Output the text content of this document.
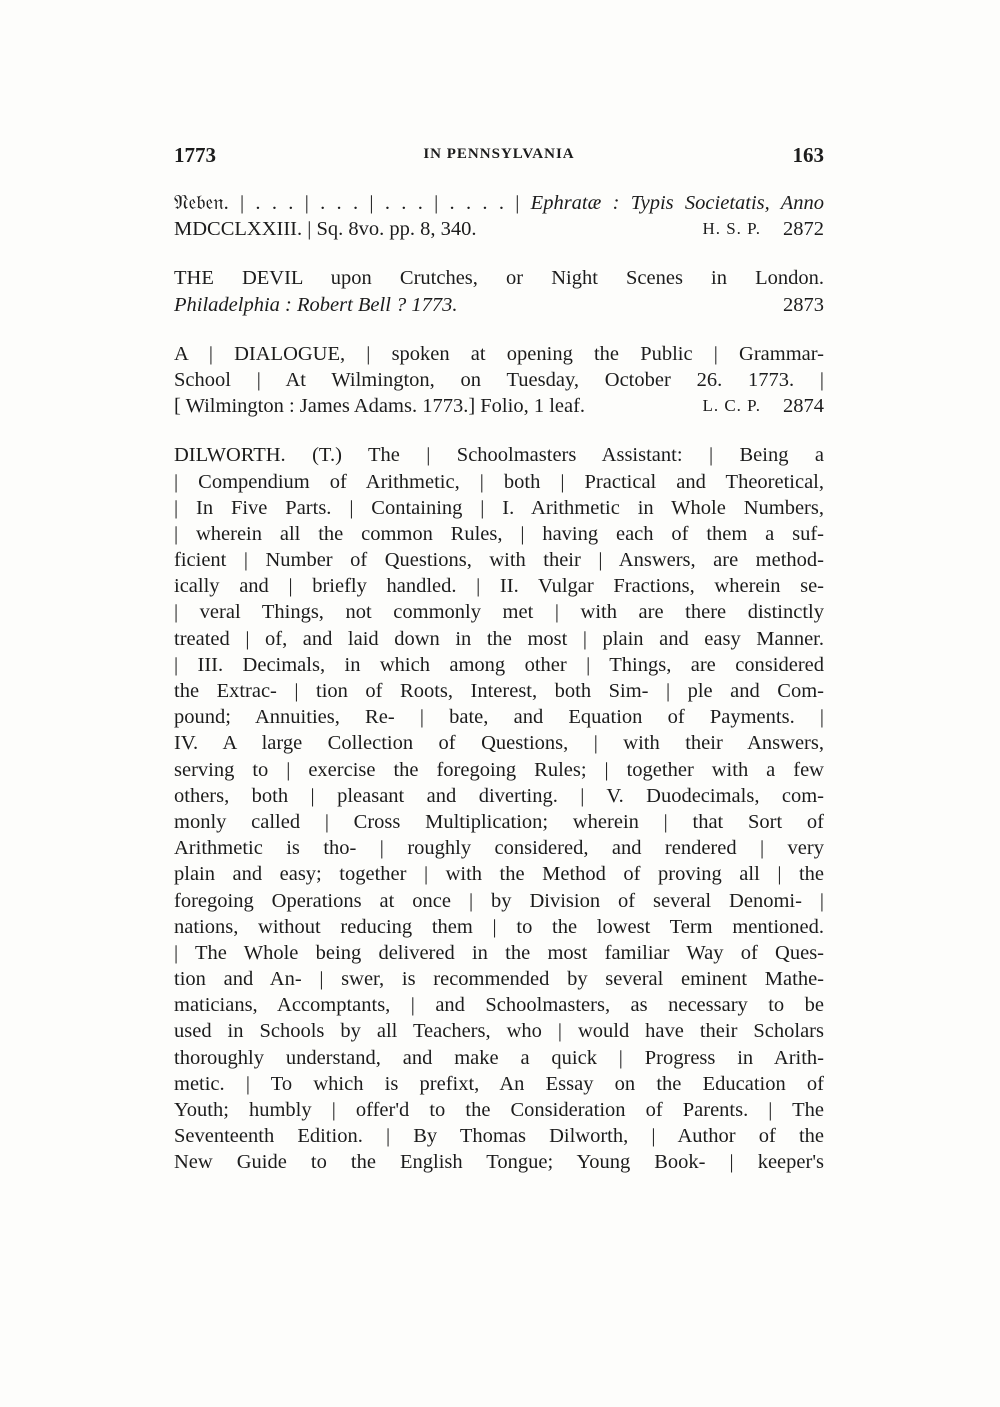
1773	IN PENNSYLVANIA	163
𝔑𝔢𝔟𝔢𝔫. | . . . | . . . | . . . | . . . . | Ephratæ : Typis Societatis, Anno
MDCCLXXIII. | Sq. 8vo. pp. 8, 340.	2872
H. S. P.
THE DEVIL upon Crutches, or Night Scenes in London.
Philadelphia : Robert Bell ? 1773.	2873
A | DIALOGUE, | spoken at opening the Public | Grammar-
School | At Wilmington, on Tuesday, October 26. 1773. |
[ Wilmington : James Adams. 1773.] Folio, 1 leaf.	2874
L. C. P.
DILWORTH. (T.) The | Schoolmasters Assistant: | Being a
| Compendium of Arithmetic, | both | Practical and Theoretical,
| In Five Parts. | Containing | I. Arithmetic in Whole Numbers,
| wherein all the common Rules, | having each of them a suf-
ficient | Number of Questions, with their | Answers, are method-
ically and | briefly handled. | II. Vulgar Fractions, wherein se-
| veral Things, not commonly met | with are there distinctly
treated | of, and laid down in the most | plain and easy Manner.
| III. Decimals, in which among other | Things, are considered
the Extrac- | tion of Roots, Interest, both Sim- | ple and Com-
pound; Annuities, Re- | bate, and Equation of Payments. |
IV. A large Collection of Questions, | with their Answers,
serving to | exercise the foregoing Rules; | together with a few
others, both | pleasant and diverting. | V. Duodecimals, com-
monly called | Cross Multiplication; wherein | that Sort of
Arithmetic is tho- | roughly considered, and rendered | very
plain and easy; together | with the Method of proving all | the
foregoing Operations at once | by Division of several Denomi- |
nations, without reducing them | to the lowest Term mentioned.
| The Whole being delivered in the most familiar Way of Ques-
tion and An- | swer, is recommended by several eminent Mathe-
maticians, Accomptants, | and Schoolmasters, as necessary to be
used in Schools by all Teachers, who | would have their Scholars
thoroughly understand, and make a quick | Progress in Arith-
metic. | To which is prefixt, An Essay on the Education of
Youth; humbly | offer'd to the Consideration of Parents. | The
Seventeenth Edition. | By Thomas Dilworth, | Author of the
New Guide to the English Tongue; Young Book- | keeper's
